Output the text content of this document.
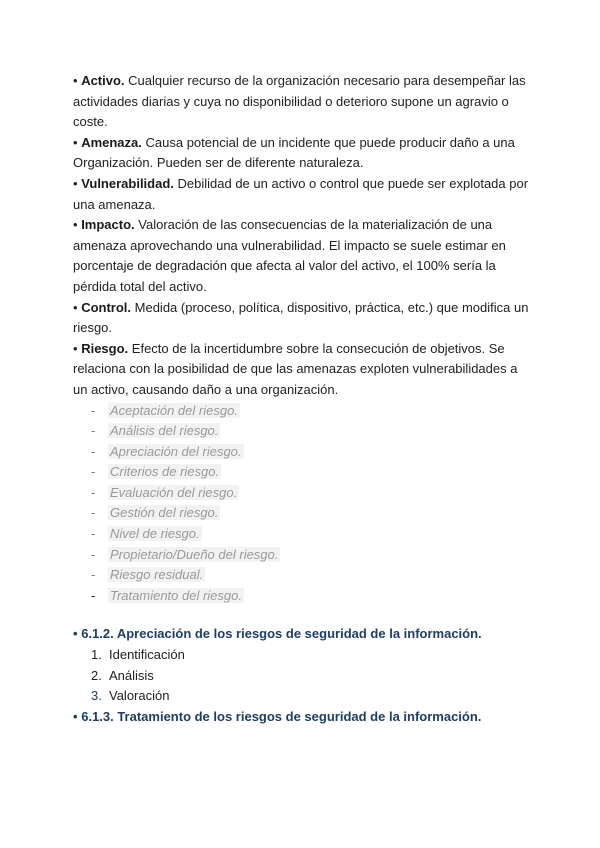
• Activo. Cualquier recurso de la organización necesario para desempeñar las actividades diarias y cuya no disponibilidad o deterioro supone un agravio o coste.

• Amenaza. Causa potencial de un incidente que puede producir daño a una Organización. Pueden ser de diferente naturaleza.

• Vulnerabilidad. Debilidad de un activo o control que puede ser explotada por una amenaza.

• Impacto. Valoración de las consecuencias de la materialización de una amenaza aprovechando una vulnerabilidad. El impacto se suele estimar en porcentaje de degradación que afecta al valor del activo, el 100% sería la pérdida total del activo.

• Control. Medida (proceso, política, dispositivo, práctica, etc.) que modifica un riesgo.

• Riesgo. Efecto de la incertidumbre sobre la consecución de objetivos. Se relaciona con la posibilidad de que las amenazas exploten vulnerabilidades a un activo, causando daño a una organización.

- Aceptación del riesgo.
- Análisis del riesgo.
- Apreciación del riesgo.
- Criterios de riesgo.
- Evaluación del riesgo.
- Gestión del riesgo.
- Nivel de riesgo.
- Propietario/Dueño del riesgo.
- Riesgo residual.
- Tratamiento del riesgo.

• 6.1.2. Apreciación de los riesgos de seguridad de la información.

1. Identificación
2. Análisis
3. Valoración

• 6.1.3. Tratamiento de los riesgos de seguridad de la información.
